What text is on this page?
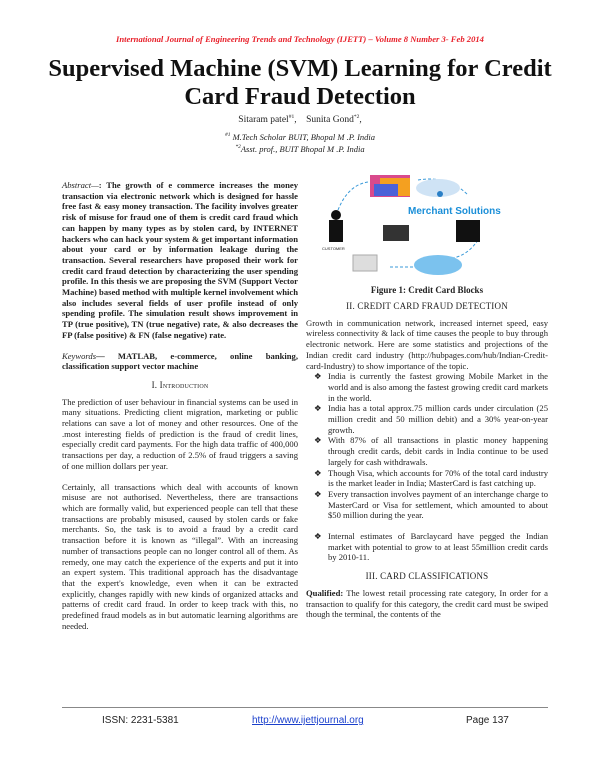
International Journal of Engineering Trends and Technology (IJETT) – Volume 8 Number 3- Feb 2014
Supervised Machine (SVM) Learning for Credit Card Fraud Detection
Sitaram patel$^{\#1}$, Sunita Gond$^{*2}$,
$^{\#1}$ M.Tech Scholar BUIT, Bhopal M .P. India
$^{*2}$Asst. prof., BUIT Bhopal M .P. India

Abstract—: The growth of e commerce increases the money transaction via electronic network which is designed for hassle free fast & easy money transaction. The facility involves greater risk of misuse for fraud one of them is credit card fraud which can happen by many types as by stolen card, by INTERNET hackers who can hack your system & get important information about your card or by information leakage during the transaction. Several researchers have proposed their work for credit card fraud detection by characterizing the user spending profile. In this thesis we are proposing the SVM (Support Vector Machine) based method with multiple kernel involvement which also includes several fields of user profile instead of only spending profile. The simulation result shows improvement in TP (true positive), TN (true negative) rate, & also decreases the FP (false positive) & FN (false negative) rate.

Keywords— MATLAB, e-commerce, online banking, classification support vector machine

I. Introduction

The prediction of user behaviour in financial systems can be used in many situations. Predicting client migration, marketing or public relations can save a lot of money and other resources. One of the .most interesting fields of prediction is the fraud of credit lines, especially credit card payments. For the high data traffic of 400,000 transactions per day, a reduction of 2.5% of fraud triggers a saving of one million dollars per year.

Certainly, all transactions which deal with accounts of known misuse are not authorised. Nevertheless, there are transactions which are formally valid, but experienced people can tell that these transactions are probably misused, caused by stolen cards or fake merchants. So, the task is to avoid a fraud by a credit card transaction before it is known as “illegal”. With an increasing number of transactions people can no longer control all of them. As remedy, one may catch the experience of the experts and put it into an expert system. This traditional approach has the disadvantage that the expert's knowledge, even when it can be extracted explicitly, changes rapidly with new kinds of organized attacks and patterns of credit card fraud. In order to keep track with this, no predefined fraud models as in but automatic learning algorithms are needed.

Merchant Solutions
CUSTOMER
Figure 1: Credit Card Blocks
II. CREDIT CARD FRAUD DETECTION

Growth in communication network, increased internet speed, easy wireless connectivity & lack of time causes the people to buy through electronic network. Here are some statistics and projections of the Indian credit card industry (http://hubpages.com/hub/Indian-Credit-card-Industry) to show importance of the topic.

❖ India is currently the fastest growing Mobile Market in the world and is also among the fastest growing credit card markets in the world.
❖ India has a total approx.75 million cards under circulation (25 million credit and 50 million debit) and a 30% year-on-year growth.
❖ With 87% of all transactions in plastic money happening through credit cards, debit cards in India continue to be used largely for cash withdrawals.
❖ Though Visa, which accounts for 70% of the total card industry is the market leader in India; MasterCard is fast catching up.
❖ Every transaction involves payment of an interchange charge to MasterCard or Visa for settlement, which amounted to about $50 million during the year.
❖ Internal estimates of Barclaycard have pegged the Indian market with potential to grow to at least 55million credit cards by 2010-11.
III. CARD CLASSIFICATIONS

Qualified: The lowest retail processing rate category, In order for a transaction to qualify for this category, the credit card must be swiped though the terminal, the contents of the

ISSN: 2231-5381	http://www.ijettjournal.org	Page 137
